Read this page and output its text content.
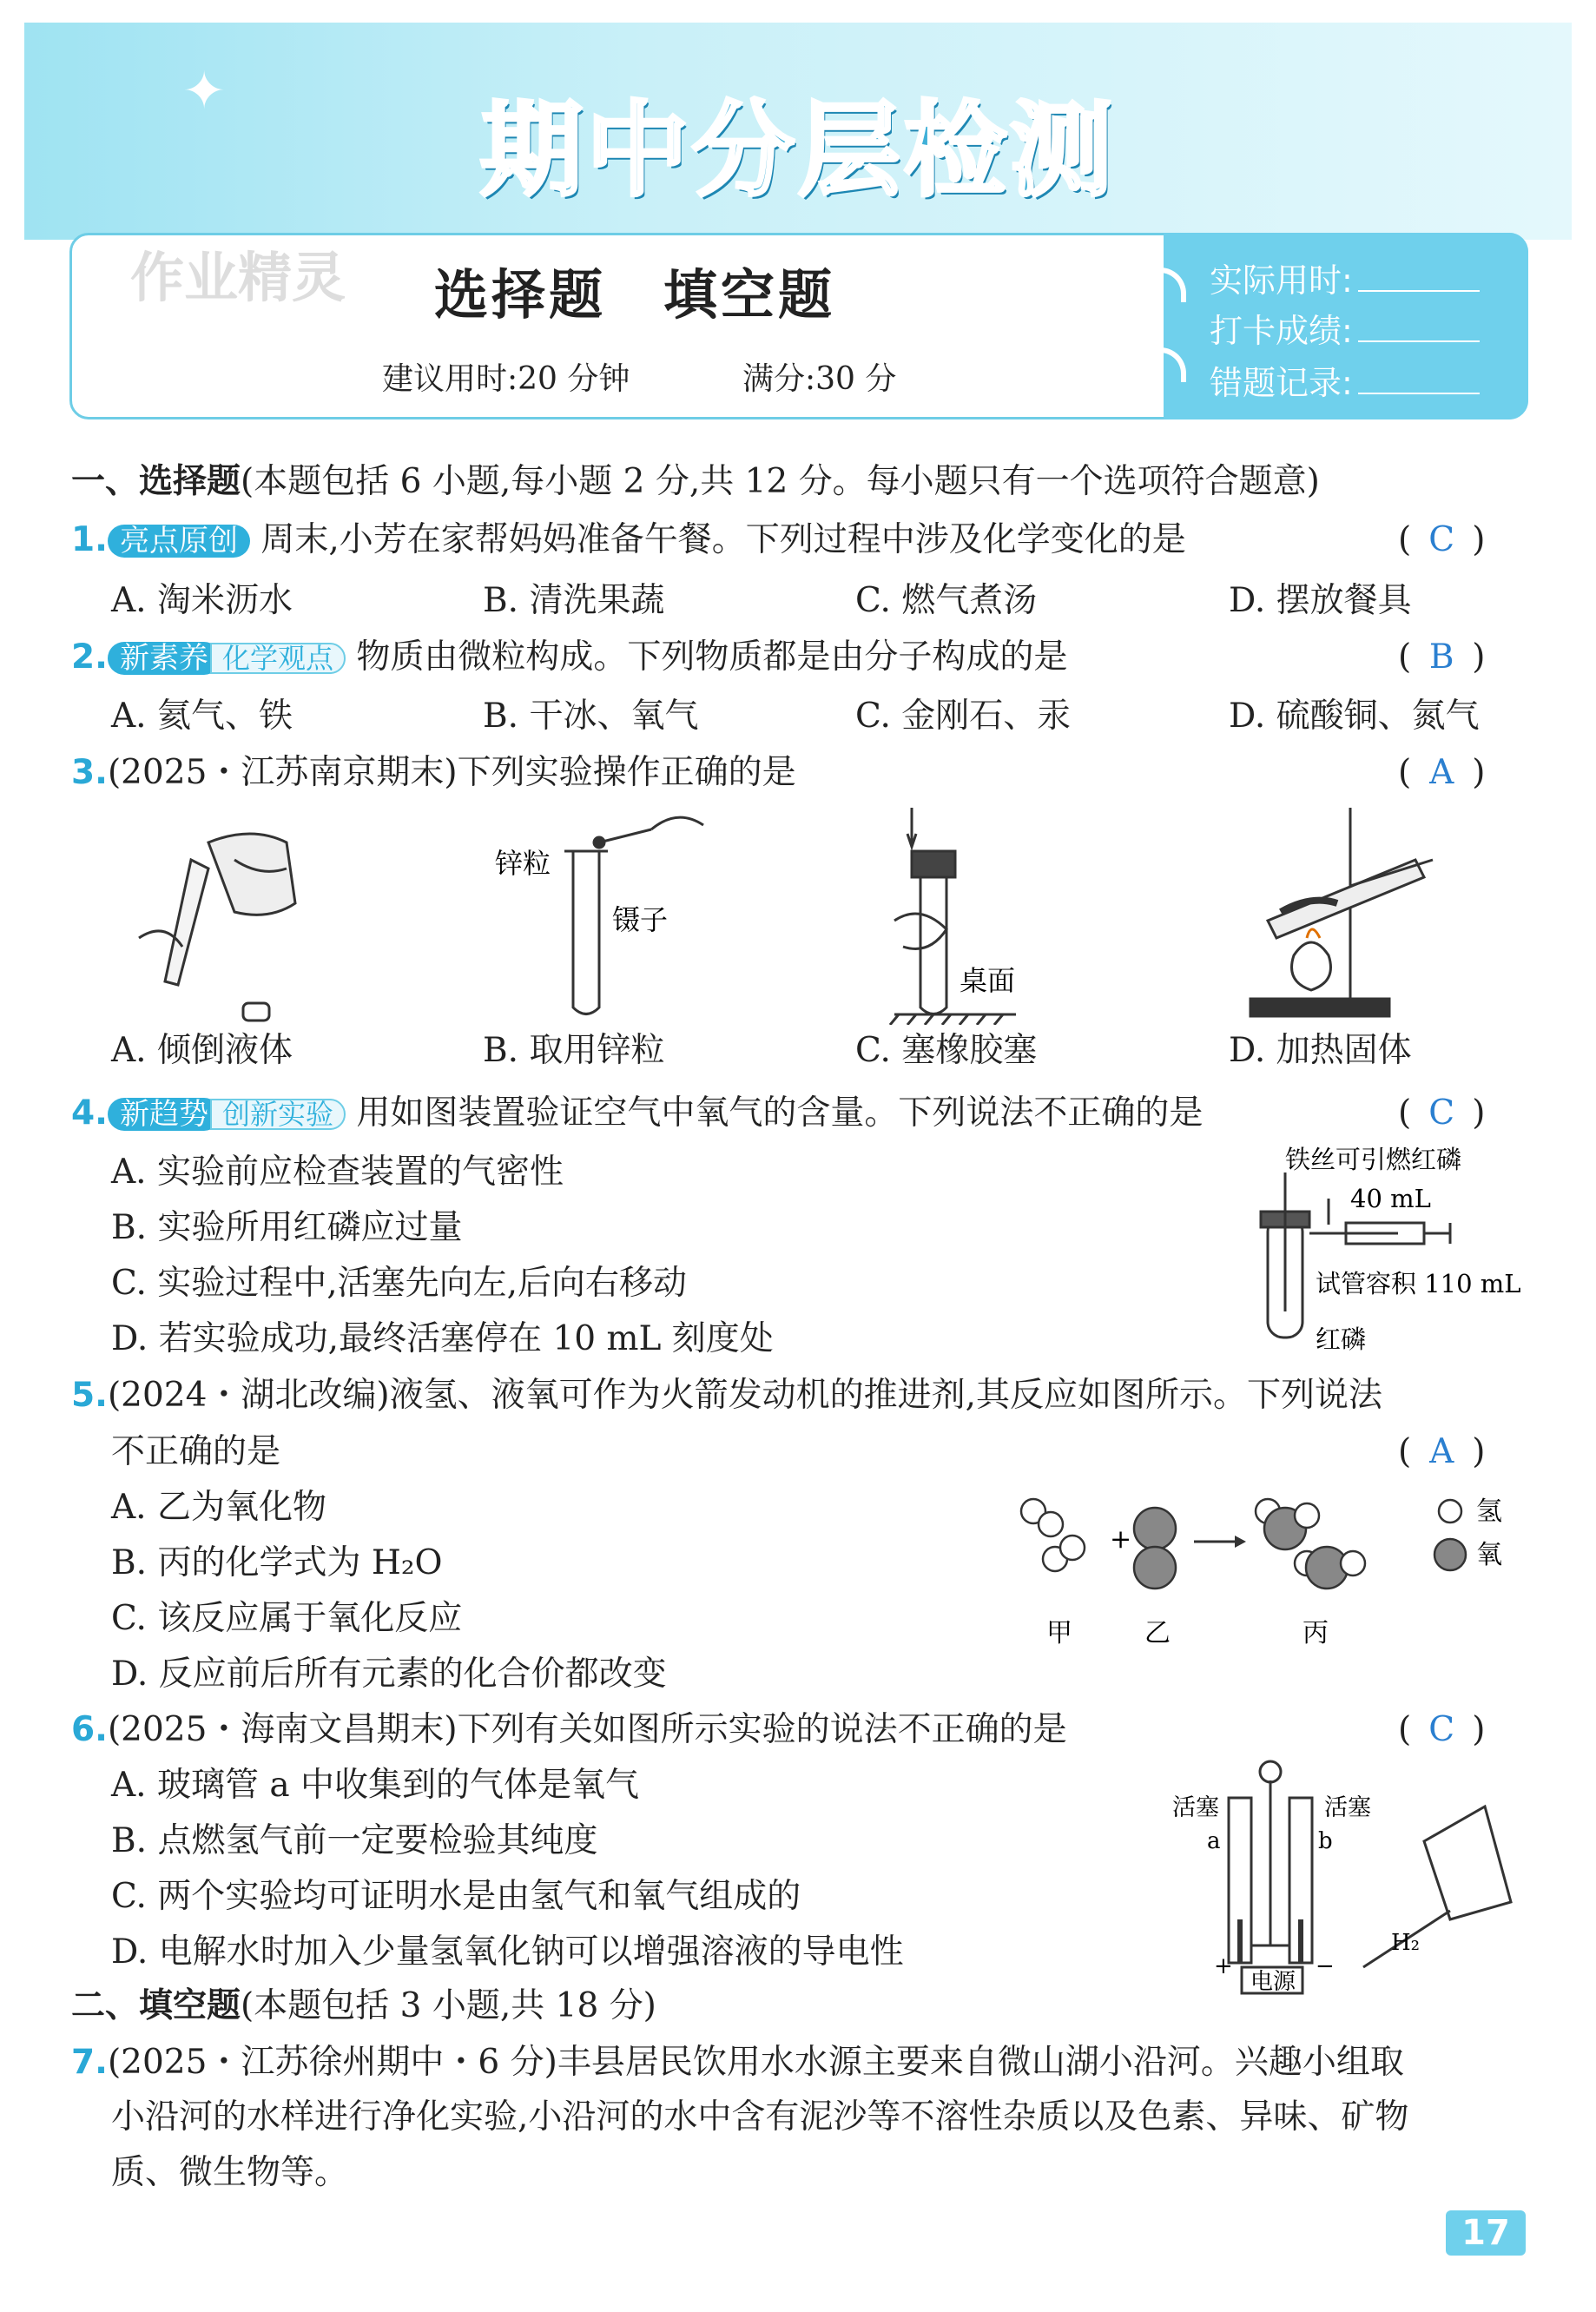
✦	期中分层检测
作业精灵 选择题　填空题
建议用时:20 分钟	满分:30 分
实际用时:
打卡成绩:
错题记录:
一、选择题(本题包括 6 小题,每小题 2 分,共 12 分。每小题只有一个选项符合题意)
1. 亮点原创 周末,小芳在家帮妈妈准备午餐。下列过程中涉及化学变化的是	( C )
A. 淘米沥水	B. 清洗果蔬	C. 燃气煮汤	D. 摆放餐具
2. 新素养 化学观点 物质由微粒构成。下列物质都是由分子构成的是	( B )
A. 氦气、铁	B. 干冰、氧气	C. 金刚石、汞	D. 硫酸铜、氮气
3.(2025・江苏南京期末)下列实验操作正确的是	( A )
锌粒
镊子
桌面
A. 倾倒液体	B. 取用锌粒	C. 塞橡胶塞	D. 加热固体
4. 新趋势 创新实验 用如图装置验证空气中氧气的含量。下列说法不正确的是	( C )
A. 实验前应检查装置的气密性
B. 实验所用红磷应过量
C. 实验过程中,活塞先向左,后向右移动
D. 若实验成功,最终活塞停在 10 mL 刻度处
铁丝可引燃红磷
40 mL
试管容积 110 mL
红磷
5.(2024・湖北改编)液氢、液氧可作为火箭发动机的推进剂,其反应如图所示。下列说法
不正确的是	( A )
A. 乙为氧化物
B. 丙的化学式为 H₂O
C. 该反应属于氧化反应
D. 反应前后所有元素的化合价都改变
+
甲	乙	丙
氢
氧
6.(2025・海南文昌期末)下列有关如图所示实验的说法不正确的是	( C )
A. 玻璃管 a 中收集到的气体是氧气
B. 点燃氢气前一定要检验其纯度
C. 两个实验均可证明水是由氢气和氧气组成的
D. 电解水时加入少量氢氧化钠可以增强溶液的导电性
活塞	活塞
a	b
电源
H₂
+	−
二、填空题(本题包括 3 小题,共 18 分)
7.(2025・江苏徐州期中・6 分)丰县居民饮用水水源主要来自微山湖小沿河。兴趣小组取
小沿河的水样进行净化实验,小沿河的水中含有泥沙等不溶性杂质以及色素、异味、矿物
质、微生物等。
17
